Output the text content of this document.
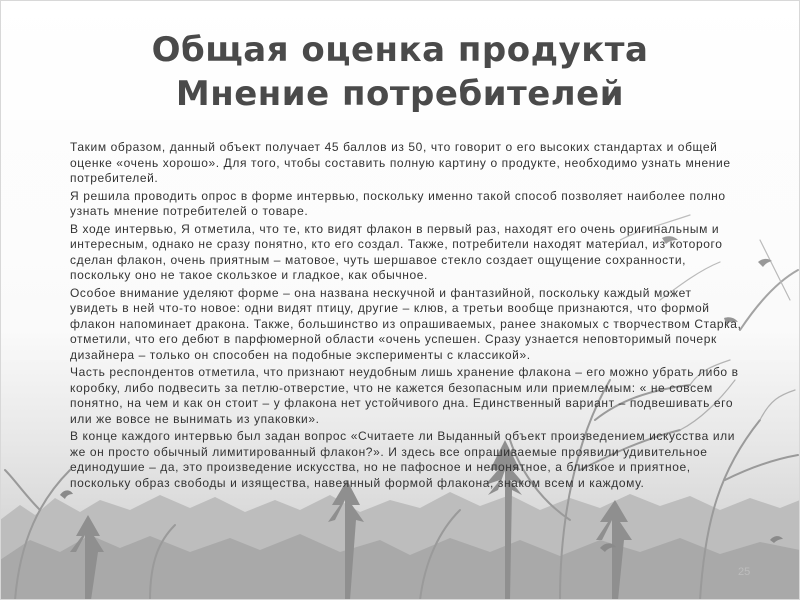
Общая оценка продукта
Мнение потребителей

Таким образом, данный объект получает 45 баллов из 50, что говорит о его высоких стандартах и общей оценке «очень хорошо». Для того, чтобы составить полную картину о продукте, необходимо узнать мнение потребителей.

Я решила проводить опрос в форме интервью, поскольку именно такой способ позволяет наиболее полно узнать мнение потребителей о товаре.

В ходе интервью, Я отметила, что те, кто видят флакон в первый раз, находят его очень оригинальным и интересным, однако не сразу понятно, кто его создал. Также, потребители находят материал, из которого сделан флакон, очень приятным – матовое, чуть шершавое стекло создает ощущение сохранности, поскольку оно не такое скользкое и гладкое, как обычное.

Особое внимание уделяют форме – она названа нескучной и фантазийной, поскольку каждый может увидеть в ней что-то новое: одни видят птицу, другие – клюв, а третьи вообще признаются, что формой флакон напоминает дракона. Также, большинство из опрашиваемых, ранее знакомых с творчеством Старка, отметили, что его дебют в парфюмерной области «очень успешен. Сразу узнается неповторимый почерк дизайнера – только он способен на подобные эксперименты с классикой».

Часть респондентов отметила, что признают неудобным лишь хранение флакона – его можно убрать либо в коробку, либо подвесить за петлю-отверстие, что не кажется безопасным или приемлемым: « не совсем понятно, на чем и как он стоит – у флакона нет устойчивого дна. Единственный вариант – подвешивать его или же вовсе не вынимать из упаковки».

В конце каждого интервью был задан вопрос «Считаете ли Выданный объект произведением искусства или же он просто обычный лимитированный флакон?». И здесь все опрашиваемые проявили удивительное единодушие – да, это произведение искусства, но не пафосное и непонятное, а близкое и приятное, поскольку образ свободы и изящества, навеянный формой флакона, знаком всем и каждому.

25
